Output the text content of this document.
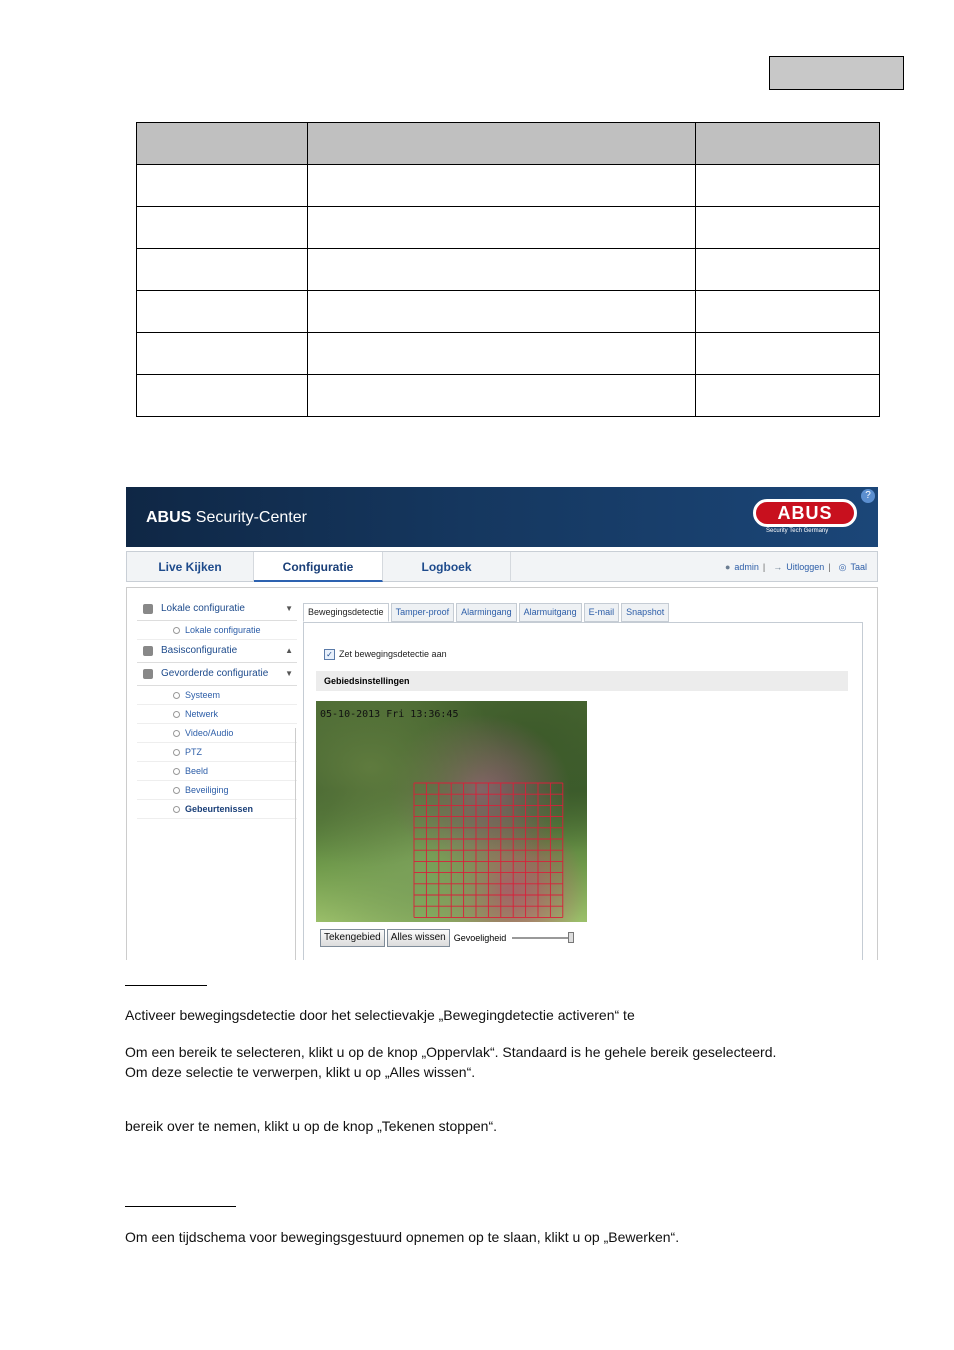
ABUS Security-Center	ABUS
Security Tech Germany
?
Live Kijken	Configuratie	Logboek	● admin | → Uitloggen | ◎ Taal
Lokale configuratie	▼
Lokale configuratie
Basisconfiguratie	▲
Gevorderde configuratie ▼
Systeem
Netwerk
Video/Audio
PTZ
Beeld
Beveiliging
Gebeurtenissen
Bewegingsdetectie Tamper-proof Alarmingang Alarmuitgang E-mail Snapshot
✓ Zet bewegingsdetectie aan
Gebiedsinstellingen
05-10-2013 Fri 13:36:45
Tekengebied Alles wissen Gevoeligheid
Activeer bewegingsdetectie door het selectievakje „Bewegingdetectie activeren“ te
Om een bereik te selecteren, klikt u op de knop „Oppervlak“. Standaard is he gehele bereik geselecteerd.
Om deze selectie te verwerpen, klikt u op „Alles wissen“.
bereik over te nemen, klikt u op de knop „Tekenen stoppen“.
Om een tijdschema voor bewegingsgestuurd opnemen op te slaan, klikt u op „Bewerken“.
